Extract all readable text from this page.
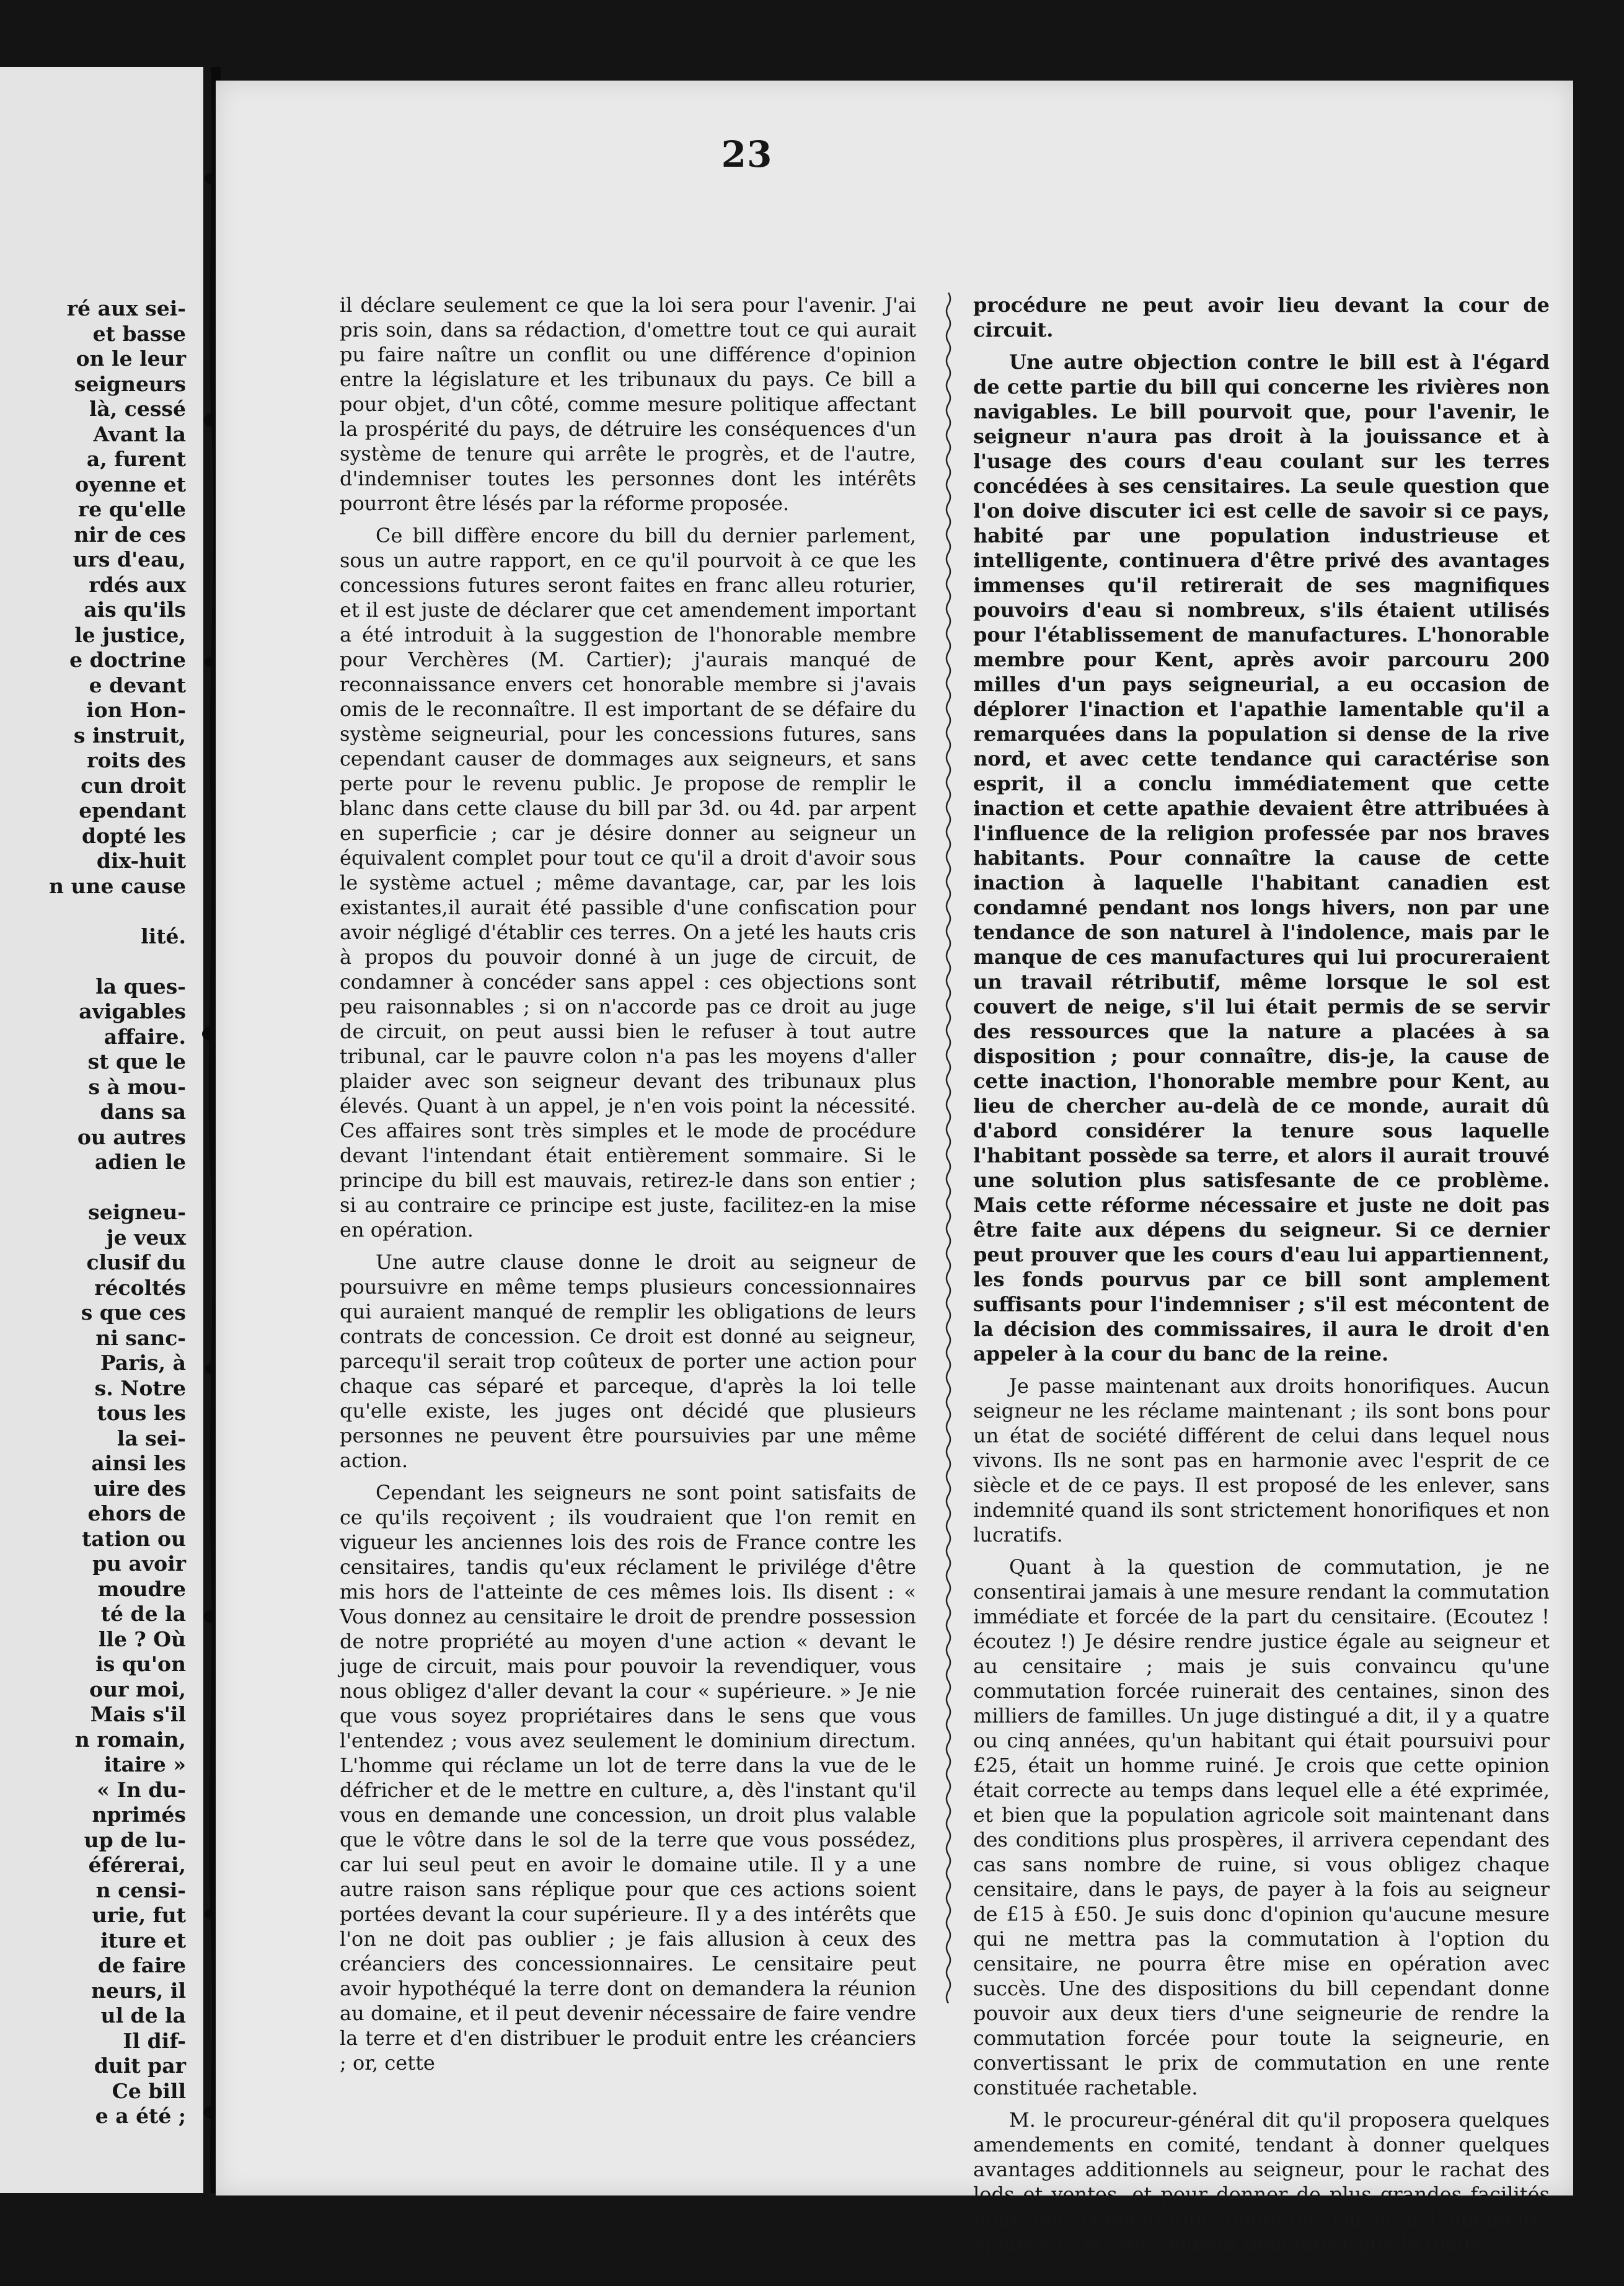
ré aux sei-
et basse
on le leur
seigneurs
là, cessé
Avant la
a, furent
oyenne et
re qu'elle
nir de ces
urs d'eau,
rdés aux
ais qu'ils
le justice,
e doctrine
e devant
ion Hon-
s instruit,
roits des
cun droit
ependant
dopté les
dix-huit
n une cause

lité.

la ques-
avigables
affaire.
st que le
s à mou-
dans sa
ou autres
adien le

seigneu-
je veux
clusif du
récoltés
s que ces
ni sanc-
Paris, à
s. Notre
tous les
la sei-
ainsi les
uire des
ehors de
tation ou
pu avoir
moudre
té de la
lle ? Où
is qu'on
our moi,
Mais s'il
n romain,
itaire »
« In du-
nprimés
up de lu-
éférerai,
n censi-
urie, fut
iture et
de faire
neurs, il
ul de la
Il dif-
duit par
Ce bill
e a été ;
23

il déclare seulement ce que la loi sera pour l'avenir. J'ai pris soin, dans sa rédaction, d'omettre tout ce qui aurait pu faire naître un conflit ou une différence d'opinion entre la législature et les tribunaux du pays. Ce bill a pour objet, d'un côté, comme mesure politique affectant la prospérité du pays, de détruire les conséquences d'un système de tenure qui arrête le progrès, et de l'autre, d'indemniser toutes les personnes dont les intérêts pourront être lésés par la réforme proposée.

Ce bill diffère encore du bill du dernier parlement, sous un autre rapport, en ce qu'il pourvoit à ce que les concessions futures seront faites en franc alleu roturier, et il est juste de déclarer que cet amendement important a été introduit à la suggestion de l'honorable membre pour Verchères (M. Cartier); j'aurais manqué de reconnaissance envers cet honorable membre si j'avais omis de le reconnaître. Il est important de se défaire du système seigneurial, pour les concessions futures, sans cependant causer de dommages aux seigneurs, et sans perte pour le revenu public. Je propose de remplir le blanc dans cette clause du bill par 3d. ou 4d. par arpent en superficie ; car je désire donner au seigneur un équivalent complet pour tout ce qu'il a droit d'avoir sous le système actuel ; même davantage, car, par les lois existantes,il aurait été passible d'une confiscation pour avoir négligé d'établir ces terres. On a jeté les hauts cris à propos du pouvoir donné à un juge de circuit, de condamner à concéder sans appel : ces objections sont peu raisonnables ; si on n'accorde pas ce droit au juge de circuit, on peut aussi bien le refuser à tout autre tribunal, car le pauvre colon n'a pas les moyens d'aller plaider avec son seigneur devant des tribunaux plus élevés. Quant à un appel, je n'en vois point la nécessité. Ces affaires sont très simples et le mode de procédure devant l'intendant était entièrement sommaire. Si le principe du bill est mauvais, retirez-le dans son entier ; si au contraire ce principe est juste, facilitez-en la mise en opération.

Une autre clause donne le droit au seigneur de poursuivre en même temps plusieurs concessionnaires qui auraient manqué de remplir les obligations de leurs contrats de concession. Ce droit est donné au seigneur, parcequ'il serait trop coûteux de porter une action pour chaque cas séparé et parceque, d'après la loi telle qu'elle existe, les juges ont décidé que plusieurs personnes ne peuvent être poursuivies par une même action.

Cependant les seigneurs ne sont point satisfaits de ce qu'ils reçoivent ; ils voudraient que l'on remit en vigueur les anciennes lois des rois de France contre les censitaires, tandis qu'eux réclament le privilége d'être mis hors de l'atteinte de ces mêmes lois. Ils disent : « Vous donnez au censitaire le droit de prendre possession de notre propriété au moyen d'une action « devant le juge de circuit, mais pour pouvoir la revendiquer, vous nous obligez d'aller devant la cour « supérieure. » Je nie que vous soyez propriétaires dans le sens que vous l'entendez ; vous avez seulement le dominium directum. L'homme qui réclame un lot de terre dans la vue de le défricher et de le mettre en culture, a, dès l'instant qu'il vous en demande une concession, un droit plus valable que le vôtre dans le sol de la terre que vous possédez, car lui seul peut en avoir le domaine utile. Il y a une autre raison sans réplique pour que ces actions soient portées devant la cour supérieure. Il y a des intérêts que l'on ne doit pas oublier ; je fais allusion à ceux des créanciers des concessionnaires. Le censitaire peut avoir hypothéqué la terre dont on demandera la réunion au domaine, et il peut devenir nécessaire de faire vendre la terre et d'en distribuer le produit entre les créanciers ; or, cette

procédure ne peut avoir lieu devant la cour de circuit.

Une autre objection contre le bill est à l'égard de cette partie du bill qui concerne les rivières non navigables. Le bill pourvoit que, pour l'avenir, le seigneur n'aura pas droit à la jouissance et à l'usage des cours d'eau coulant sur les terres concédées à ses censitaires. La seule question que l'on doive discuter ici est celle de savoir si ce pays, habité par une population industrieuse et intelligente, continuera d'être privé des avantages immenses qu'il retirerait de ses magnifiques pouvoirs d'eau si nombreux, s'ils étaient utilisés pour l'établissement de manufactures. L'honorable membre pour Kent, après avoir parcouru 200 milles d'un pays seigneurial, a eu occasion de déplorer l'inaction et l'apathie lamentable qu'il a remarquées dans la population si dense de la rive nord, et avec cette tendance qui caractérise son esprit, il a conclu immédiatement que cette inaction et cette apathie devaient être attribuées à l'influence de la religion professée par nos braves habitants. Pour connaître la cause de cette inaction à laquelle l'habitant canadien est condamné pendant nos longs hivers, non par une tendance de son naturel à l'indolence, mais par le manque de ces manufactures qui lui procureraient un travail rétributif, même lorsque le sol est couvert de neige, s'il lui était permis de se servir des ressources que la nature a placées à sa disposition ; pour connaître, dis-je, la cause de cette inaction, l'honorable membre pour Kent, au lieu de chercher au-delà de ce monde, aurait dû d'abord considérer la tenure sous laquelle l'habitant possède sa terre, et alors il aurait trouvé une solution plus satisfesante de ce problème. Mais cette réforme nécessaire et juste ne doit pas être faite aux dépens du seigneur. Si ce dernier peut prouver que les cours d'eau lui appartiennent, les fonds pourvus par ce bill sont amplement suffisants pour l'indemniser ; s'il est mécontent de la décision des commissaires, il aura le droit d'en appeler à la cour du banc de la reine.

Je passe maintenant aux droits honorifiques. Aucun seigneur ne les réclame maintenant ; ils sont bons pour un état de société différent de celui dans lequel nous vivons. Ils ne sont pas en harmonie avec l'esprit de ce siècle et de ce pays. Il est proposé de les enlever, sans indemnité quand ils sont strictement honorifiques et non lucratifs.

Quant à la question de commutation, je ne consentirai jamais à une mesure rendant la commutation immédiate et forcée de la part du censitaire. (Ecoutez ! écoutez !) Je désire rendre justice égale au seigneur et au censitaire ; mais je suis convaincu qu'une commutation forcée ruinerait des centaines, sinon des milliers de familles. Un juge distingué a dit, il y a quatre ou cinq années, qu'un habitant qui était poursuivi pour £25, était un homme ruiné. Je crois que cette opinion était correcte au temps dans lequel elle a été exprimée, et bien que la population agricole soit maintenant dans des conditions plus prospères, il arrivera cependant des cas sans nombre de ruine, si vous obligez chaque censitaire, dans le pays, de payer à la fois au seigneur de £15 à £50. Je suis donc d'opinion qu'aucune mesure qui ne mettra pas la commutation à l'option du censitaire, ne pourra être mise en opération avec succès. Une des dispositions du bill cependant donne pouvoir aux deux tiers d'une seigneurie de rendre la commutation forcée pour toute la seigneurie, en convertissant le prix de commutation en une rente constituée rachetable.

M. le procureur-général dit qu'il proposera quelques amendements en comité, tendant à donner quelques avantages additionnels au seigneur, pour le rachat des lods et ventes, et pour donner de plus grandes facilités pour une commutation générale. Quant à l'indemnité, ajoute-t-il, je crois pouvoir démontrer que le fonds
